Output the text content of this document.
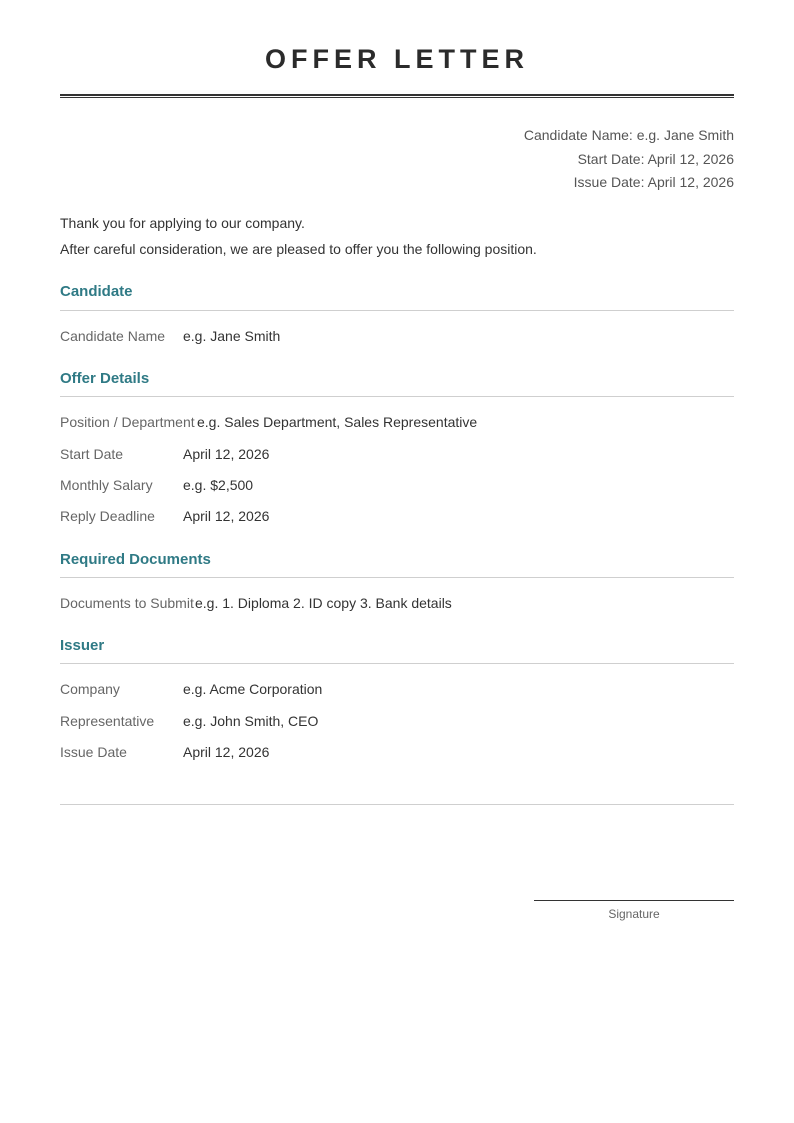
OFFER LETTER
Candidate Name: e.g. Jane Smith
Start Date: April 12, 2026
Issue Date: April 12, 2026
Thank you for applying to our company.
After careful consideration, we are pleased to offer you the following position.
Candidate
Candidate Name e.g. Jane Smith
Offer Details
Position / Department e.g. Sales Department, Sales Representative
Start Date	April 12, 2026
Monthly Salary e.g. $2,500
Reply Deadline April 12, 2026
Required Documents
Documents to Submit e.g. 1. Diploma 2. ID copy 3. Bank details
Issuer
Company	e.g. Acme Corporation
Representative e.g. John Smith, CEO
Issue Date	April 12, 2026
Signature
